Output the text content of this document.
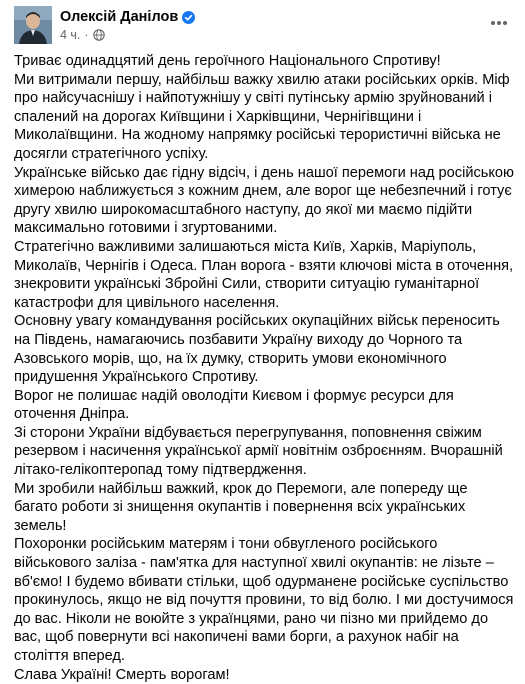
Олексій Данілов
4 ч. ·

Триває одинадцятий день героїчного Національного Спротиву!

Ми витримали першу, найбільш важку хвилю атаки російських орків. Міф про найсучаснішу і найпотужнішу у світі путінську армію зруйнований і спалений на дорогах Київщини і Харківщини, Чернігівщини і Миколаївщини. На жодному напрямку російські терористичні війська не досягли стратегічного успіху.

Українське військо дає гідну відсіч, і день нашої перемоги над російською химерою наближується з кожним днем, але ворог ще небезпечний і готує другу хвилю широкомасштабного наступу, до якої ми маємо підійти максимально готовими і згуртованими.

Стратегічно важливими залишаються міста Київ, Харків, Маріуполь, Миколаїв, Чернігів і Одеса. План ворога - взяти ключові міста в оточення, знекровити українські Збройні Сили, створити ситуацію гуманітарної катастрофи для цивільного населення.

Основну увагу командування російських окупаційних військ переносить на Південь, намагаючись позбавити Україну виходу до Чорного та Азовського морів, що, на їх думку, створить умови економічного придушення Українського Спротиву.

Ворог не полишає надій оволодіти Києвом і формує ресурси для оточення Дніпра.

Зі сторони України відбувається перегрупування, поповнення свіжим резервом і насичення української армії новітнім озброєнням. Вчорашній літако-гелікоптеропад тому підтвердження.

Ми зробили найбільш важкий, крок до Перемоги, але попереду ще багато роботи зі знищення окупантів і повернення всіх українських земель!

Похоронки російським матерям і тони обвугленого російського військового заліза - пам'ятка для наступної хвилі окупантів: не лізьте – вб'ємо! І будемо вбивати стільки, щоб одурманене російське суспільство прокинулось, якщо не від почуття провини, то від болю. І ми достучимося до вас. Ніколи не воюйте з українцями, рано чи пізно ми прийдемо до вас, щоб повернути всі накопичені вами борги, а рахунок набіг на століття вперед.

Слава Україні! Смерть ворогам!
